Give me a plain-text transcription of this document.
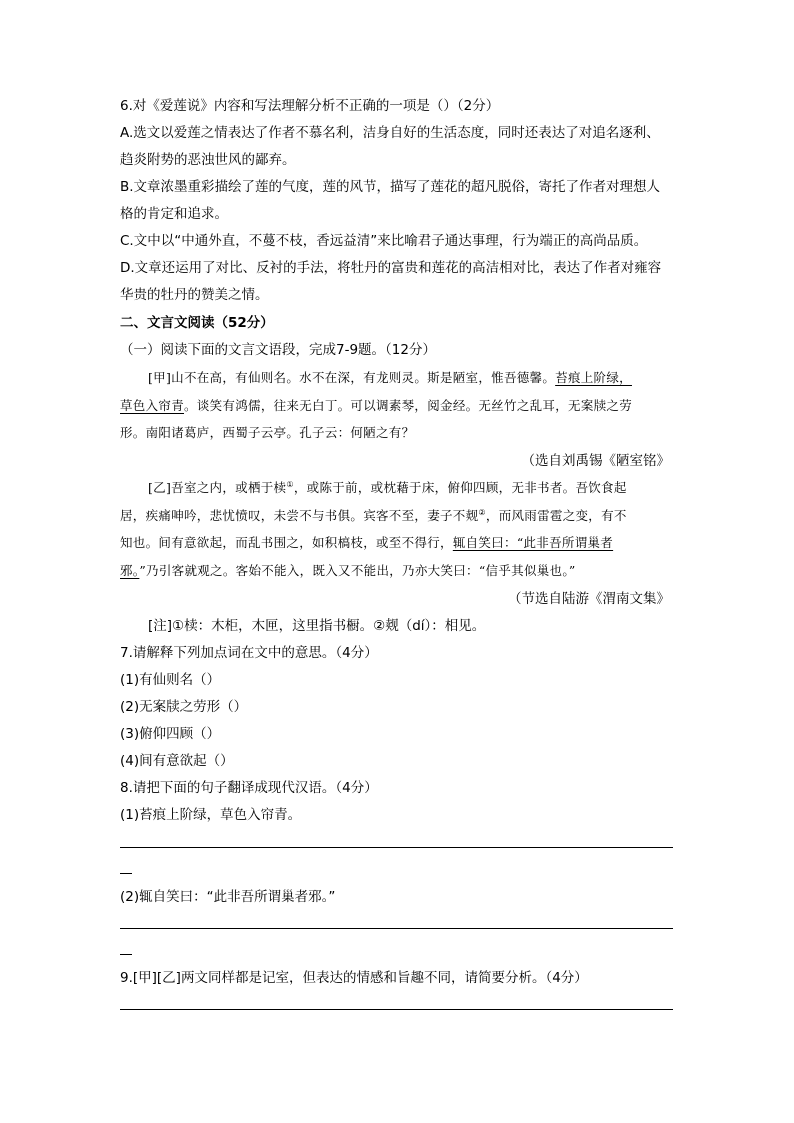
6.对《爱莲说》内容和写法理解分析不正确的一项是（）（2分）
A.选文以爱莲之情表达了作者不慕名利，洁身自好的生活态度，同时还表达了对追名逐利、
趋炎附势的恶浊世风的鄙弃。
B.文章浓墨重彩描绘了莲的气度，莲的风节，描写了莲花的超凡脱俗，寄托了作者对理想人
格的肯定和追求。
C.文中以“中通外直，不蔓不枝，香远益清”来比喻君子通达事理，行为端正的高尚品质。
D.文章还运用了对比、反衬的手法，将牡丹的富贵和莲花的高洁相对比，表达了作者对雍容
华贵的牡丹的赞美之情。
二、文言文阅读（52分）
（一）阅读下面的文言文语段，完成7-9题。（12分）
[甲]山不在高，有仙则名。水不在深，有龙则灵。斯是陋室，惟吾德馨。苔痕上阶绿，
草色入帘青。谈笑有鸿儒，往来无白丁。可以调素琴，阅金经。无丝竹之乱耳，无案牍之劳
形。南阳诸葛庐，西蜀子云亭。孔子云：何陋之有？
（选自刘禹锡《陋室铭》
[乙]吾室之内，或栖于椟①，或陈于前，或枕藉于床，俯仰四顾，无非书者。吾饮食起
居，疾痛呻吟，悲忧愤叹，未尝不与书俱。宾客不至，妻子不觌②，而风雨雷雹之变，有不
知也。间有意欲起，而乱书围之，如积槁枝，或至不得行，辄自笑曰：“此非吾所谓巢者
邪。”乃引客就观之。客始不能入，既入又不能出，乃亦大笑曰：“信乎其似巢也。”
（节选自陆游《渭南文集》
[注]①椟：木柜，木匣，这里指书橱。②觌（dí）：相见。
7.请解释下列加点词在文中的意思。（4分）
(1)有仙则名（）
(2)无案牍之劳形（）
(3)俯仰四顾（）
(4)间有意欲起（）
8.请把下面的句子翻译成现代汉语。（4分）
(1)苔痕上阶绿，草色入帘青。
(2)辄自笑曰：“此非吾所谓巢者邪。”
9.[甲][乙]两文同样都是记室，但表达的情感和旨趣不同，请简要分析。（4分）
